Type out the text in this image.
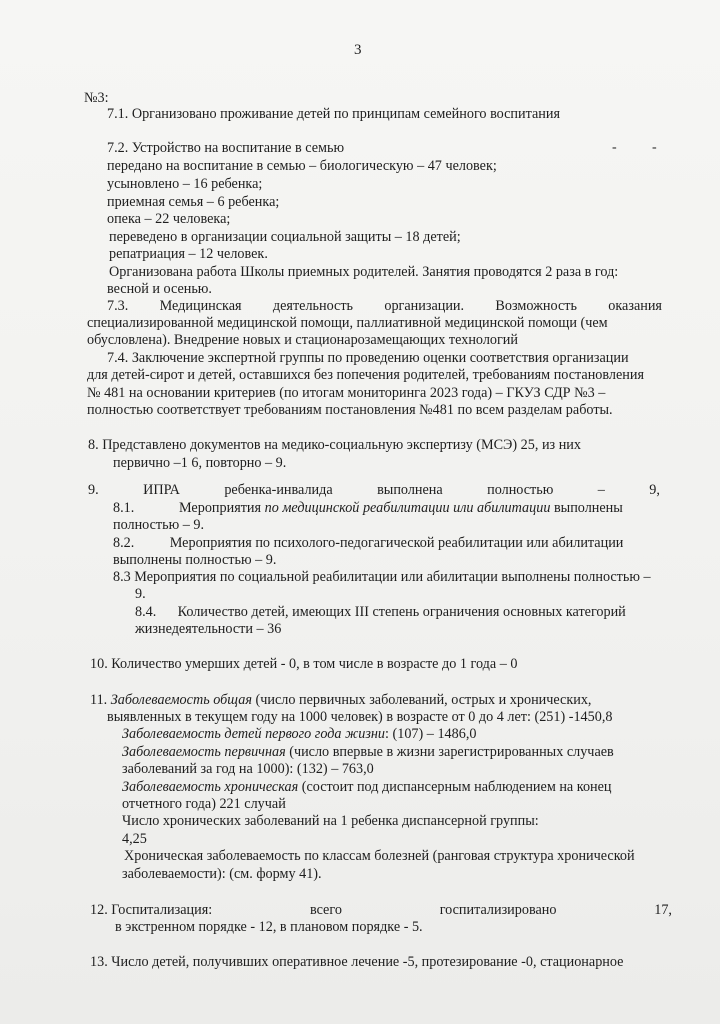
3
-	-
№3:
7.1. Организовано проживание детей по принципам семейного воспитания
7.2. Устройство на воспитание в семью
передано на воспитание в семью – биологическую – 47 человек;
усыновлено – 16 ребенка;
приемная семья – 6 ребенка;
опека – 22 человека;
переведено в организации социальной защиты – 18 детей;
репатриация – 12 человек.
Организована работа Школы приемных родителей. Занятия проводятся 2 раза в год:
весной и осенью.
7.3. Медицинская деятельность организации. Возможность оказания
специализированной медицинской помощи, паллиативной медицинской помощи (чем
обусловлена). Внедрение новых и стационарозамещающих технологий
7.4. Заключение экспертной группы по проведению оценки соответствия организации
для детей-сирот и детей, оставшихся без попечения родителей, требованиям постановления
№ 481 на основании критериев (по итогам мониторинга 2023 года) – ГКУЗ СДР №3 –
полностью соответствует требованиям постановления №481 по всем разделам работы.
8. Представлено документов на медико-социальную экспертизу (МСЭ) 25, из них
первично –1 6, повторно – 9.
9.	ИПРА	ребенка-инвалида	выполнена	полностью	–	9,
8.1.	Мероприятия по медицинской реабилитации или абилитации выполнены
полностью – 9.
8.2.          Мероприятия по психолого-педогагической реабилитации или абилитации
выполнены полностью – 9.
8.3 Мероприятия по социальной реабилитации или абилитации выполнены полностью –
9.
8.4.      Количество детей, имеющих III степень ограничения основных категорий
жизнедеятельности – 36
10. Количество умерших детей - 0, в том числе в возрасте до 1 года – 0
11. Заболеваемость общая (число первичных заболеваний, острых и хронических,
выявленных в текущем году на 1000 человек) в возрасте от 0 до 4 лет: (251) -1450,8
Заболеваемость детей первого года жизни: (107) – 1486,0
Заболеваемость первичная (число впервые в жизни зарегистрированных случаев
заболеваний за год на 1000): (132) – 763,0
Заболеваемость хроническая (состоит под диспансерным наблюдением на конец
отчетного года) 221 случай
Число хронических заболеваний на 1 ребенка диспансерной группы:
4,25
Хроническая заболеваемость по классам болезней (ранговая структура хронической
заболеваемости): (см. форму 41).
12. Госпитализация:	всего	госпитализировано	17,
в экстренном порядке - 12, в плановом порядке - 5.
13. Число детей, получивших оперативное лечение -5, протезирование -0, стационарное
